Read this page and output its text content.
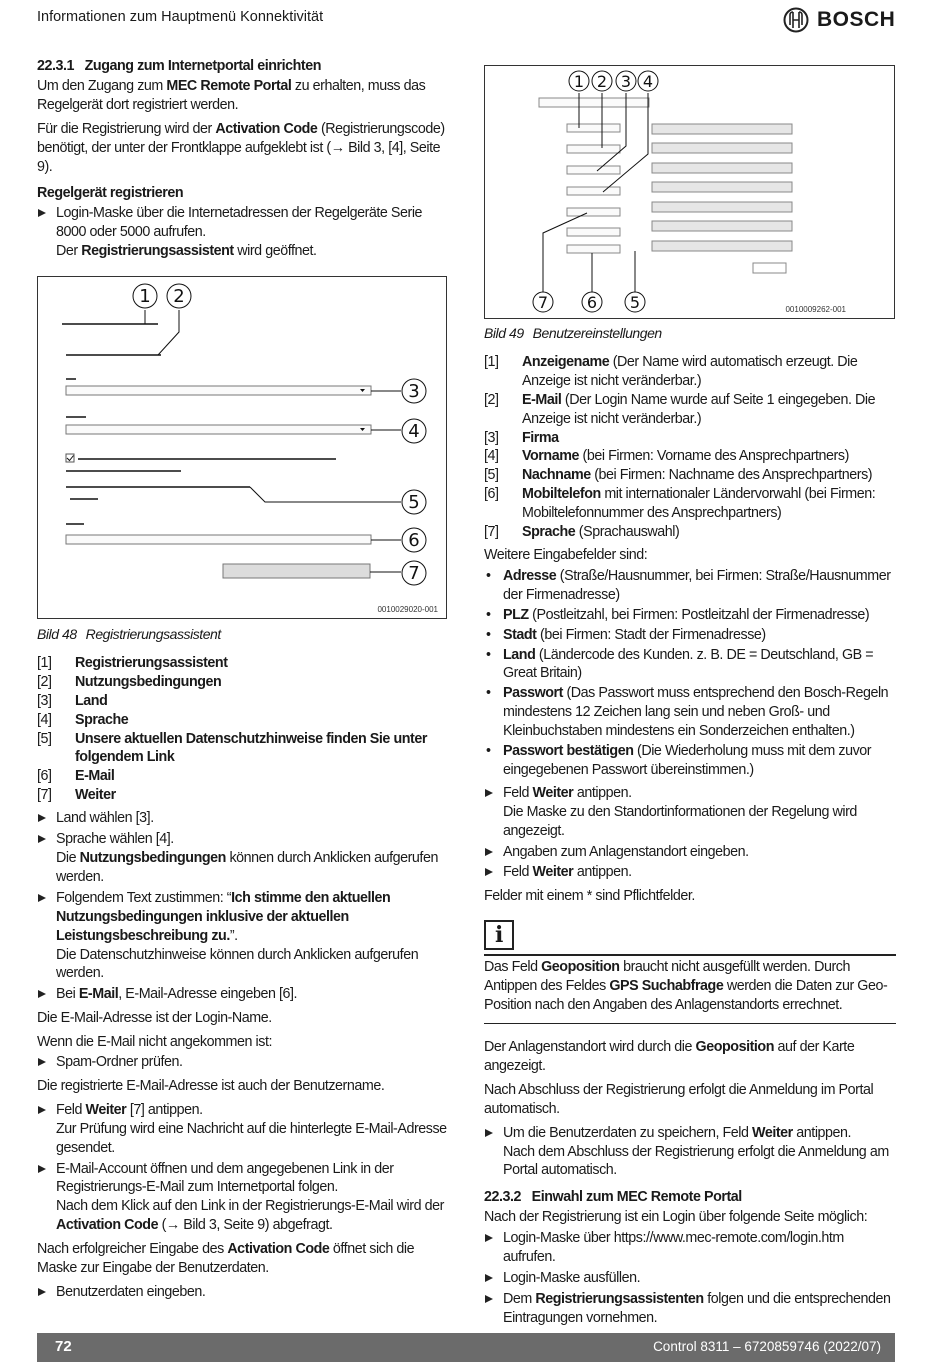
Informationen zum Hauptmenü Konnektivität	BOSCH
22.3.1 Zugang zum Internetportal einrichten

Um den Zugang zum MEC Remote Portal zu erhalten, muss das Regelgerät dort registriert werden.

Für die Registrierung wird der Activation Code (Registrierungscode) benötigt, der unter der Frontklappe aufgeklebt ist (→ Bild 3, [4], Seite 9).

Regelgerät registrieren
Login-Maske über die Internetadressen der Regelgeräte Serie 8000 oder 5000 aufrufen.
Der Registrierungsassistent wird geöffnet.
1 2
3
4
5
6
7
0010029020-001
Bild 48 Registrierungsassistent
[1]	Registrierungsassistent
[2]	Nutzungsbedingungen
[3]	Land
[4]	Sprache
[5]	Unsere aktuellen Datenschutzhinweise finden Sie unter folgendem Link
[6]	E-Mail
[7]	Weiter
Land wählen [3].
Sprache wählen [4].
Die Nutzungsbedingungen können durch Anklicken aufgerufen werden.
Folgendem Text zustimmen: “Ich stimme den aktuellen Nutzungsbedingungen inklusive der aktuellen Leistungsbeschreibung zu.”.
Die Datenschutzhinweise können durch Anklicken aufgerufen werden.
Bei E-Mail, E-Mail-Adresse eingeben [6].

Die E-Mail-Adresse ist der Login-Name.

Wenn die E-Mail nicht angekommen ist:

Spam-Ordner prüfen.

Die registrierte E-Mail-Adresse ist auch der Benutzername.

Feld Weiter [7] antippen.
Zur Prüfung wird eine Nachricht auf die hinterlegte E-Mail-Adresse gesendet.
E-Mail-Account öffnen und dem angegebenen Link in der Registrierungs-E-Mail zum Internetportal folgen.
Nach dem Klick auf den Link in der Registrierungs-E-Mail wird der Activation Code (→ Bild 3, Seite 9) abgefragt.

Nach erfolgreicher Eingabe des Activation Code öffnet sich die Maske zur Eingabe der Benutzerdaten.

Benutzerdaten eingeben.
1 2 3 4
7 6 5	0010009262-001
Bild 49 Benutzereinstellungen
[1]	Anzeigename (Der Name wird automatisch erzeugt. Die Anzeige ist nicht veränderbar.)
[2]	E-Mail (Der Login Name wurde auf Seite 1 eingegeben. Die Anzeige ist nicht veränderbar.)
[3]	Firma
[4]	Vorname (bei Firmen: Vorname des Ansprechpartners)
[5]	Nachname (bei Firmen: Nachname des Ansprechpartners)
[6]	Mobiltelefon mit internationaler Ländervorwahl (bei Firmen: Mobiltelefonnummer des Ansprechpartners)
[7]	Sprache (Sprachauswahl)

Weitere Eingabefelder sind:

• Adresse (Straße/Hausnummer, bei Firmen: Straße/Hausnummer der Firmenadresse)
• PLZ (Postleitzahl, bei Firmen: Postleitzahl der Firmenadresse)
• Stadt (bei Firmen: Stadt der Firmenadresse)
• Land (Ländercode des Kunden. z. B. DE = Deutschland, GB = Great Britain)
• Passwort (Das Passwort muss entsprechend den Bosch-Regeln mindestens 12 Zeichen lang sein und neben Groß- und Kleinbuchstaben mindestens ein Sonderzeichen enthalten.)
• Passwort bestätigen (Die Wiederholung muss mit dem zuvor eingegebenen Passwort übereinstimmen.)
Feld Weiter antippen.
Die Maske zu den Standortinformationen der Regelung wird angezeigt.
Angaben zum Anlagenstandort eingeben.
Feld Weiter antippen.

Felder mit einem * sind Pflichtfelder.

i

Das Feld Geoposition braucht nicht ausgefüllt werden. Durch Antippen des Feldes GPS Suchabfrage werden die Daten zur Geo-Position nach den Angaben des Anlagenstandorts errechnet.

Der Anlagenstandort wird durch die Geoposition auf der Karte angezeigt.

Nach Abschluss der Registrierung erfolgt die Anmeldung im Portal automatisch.

Um die Benutzerdaten zu speichern, Feld Weiter antippen.
Nach dem Abschluss der Registrierung erfolgt die Anmeldung am Portal automatisch.
22.3.2 Einwahl zum MEC Remote Portal

Nach der Registrierung ist ein Login über folgende Seite möglich:

Login-Maske über https://www.mec-remote.com/login.htm aufrufen.
Login-Maske ausfüllen.
Dem Registrierungsassistenten folgen und die entsprechenden Eintragungen vornehmen.
72	Control 8311 – 6720859746 (2022/07)
